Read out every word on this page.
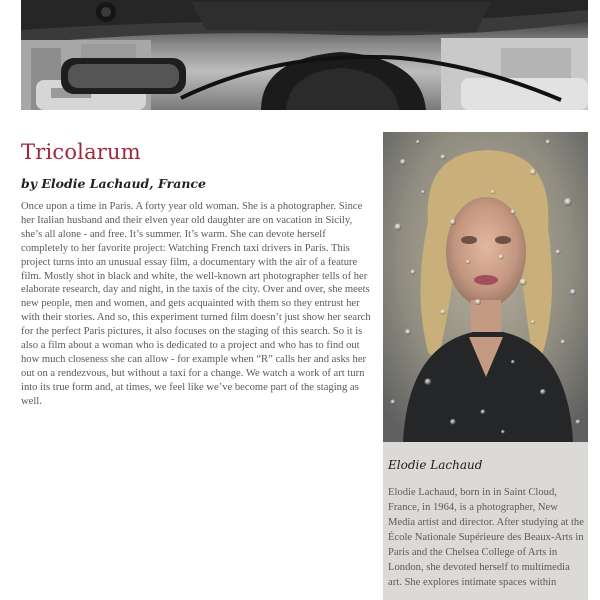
Tricolarum

by Elodie Lachaud, France

Once upon a time in Paris. A forty year old woman. She is a photographer. Since her Italian husband and their elven year old daughter are on vacation in Sicily, she’s all alone - and free. It’s summer. It’s warm. She can devote herself completely to her favorite project: Watching French taxi drivers in Paris. This project turns into an unusual essay film, a documentary with the air of a feature film. Mostly shot in black and white, the well-known art photographer tells of her elaborate research, day and night, in the taxis of the city. Over and over, she meets new people, men and women, and gets acquainted with them so they entrust her with their stories. And so, this experiment turned film doesn’t just show her search for the perfect Paris pictures, it also focuses on the staging of this search. So it is also a film about a woman who is dedicated to a project and who has to find out how much closeness she can allow - for example when “R” calls her and asks her out on a rendezvous, but without a taxi for a change. We watch a work of art turn into its true form and, at times, we feel like we’ve become part of the staging as well.

Elodie Lachaud

Elodie Lachaud, born in in Saint Cloud, France, in 1964, is a photographer, New Media artist and director. After studying at the École Nationale Supérieure des Beaux-Arts in Paris and the Chelsea College of Arts in London, she devoted herself to multimedia art. She explores intimate spaces within
